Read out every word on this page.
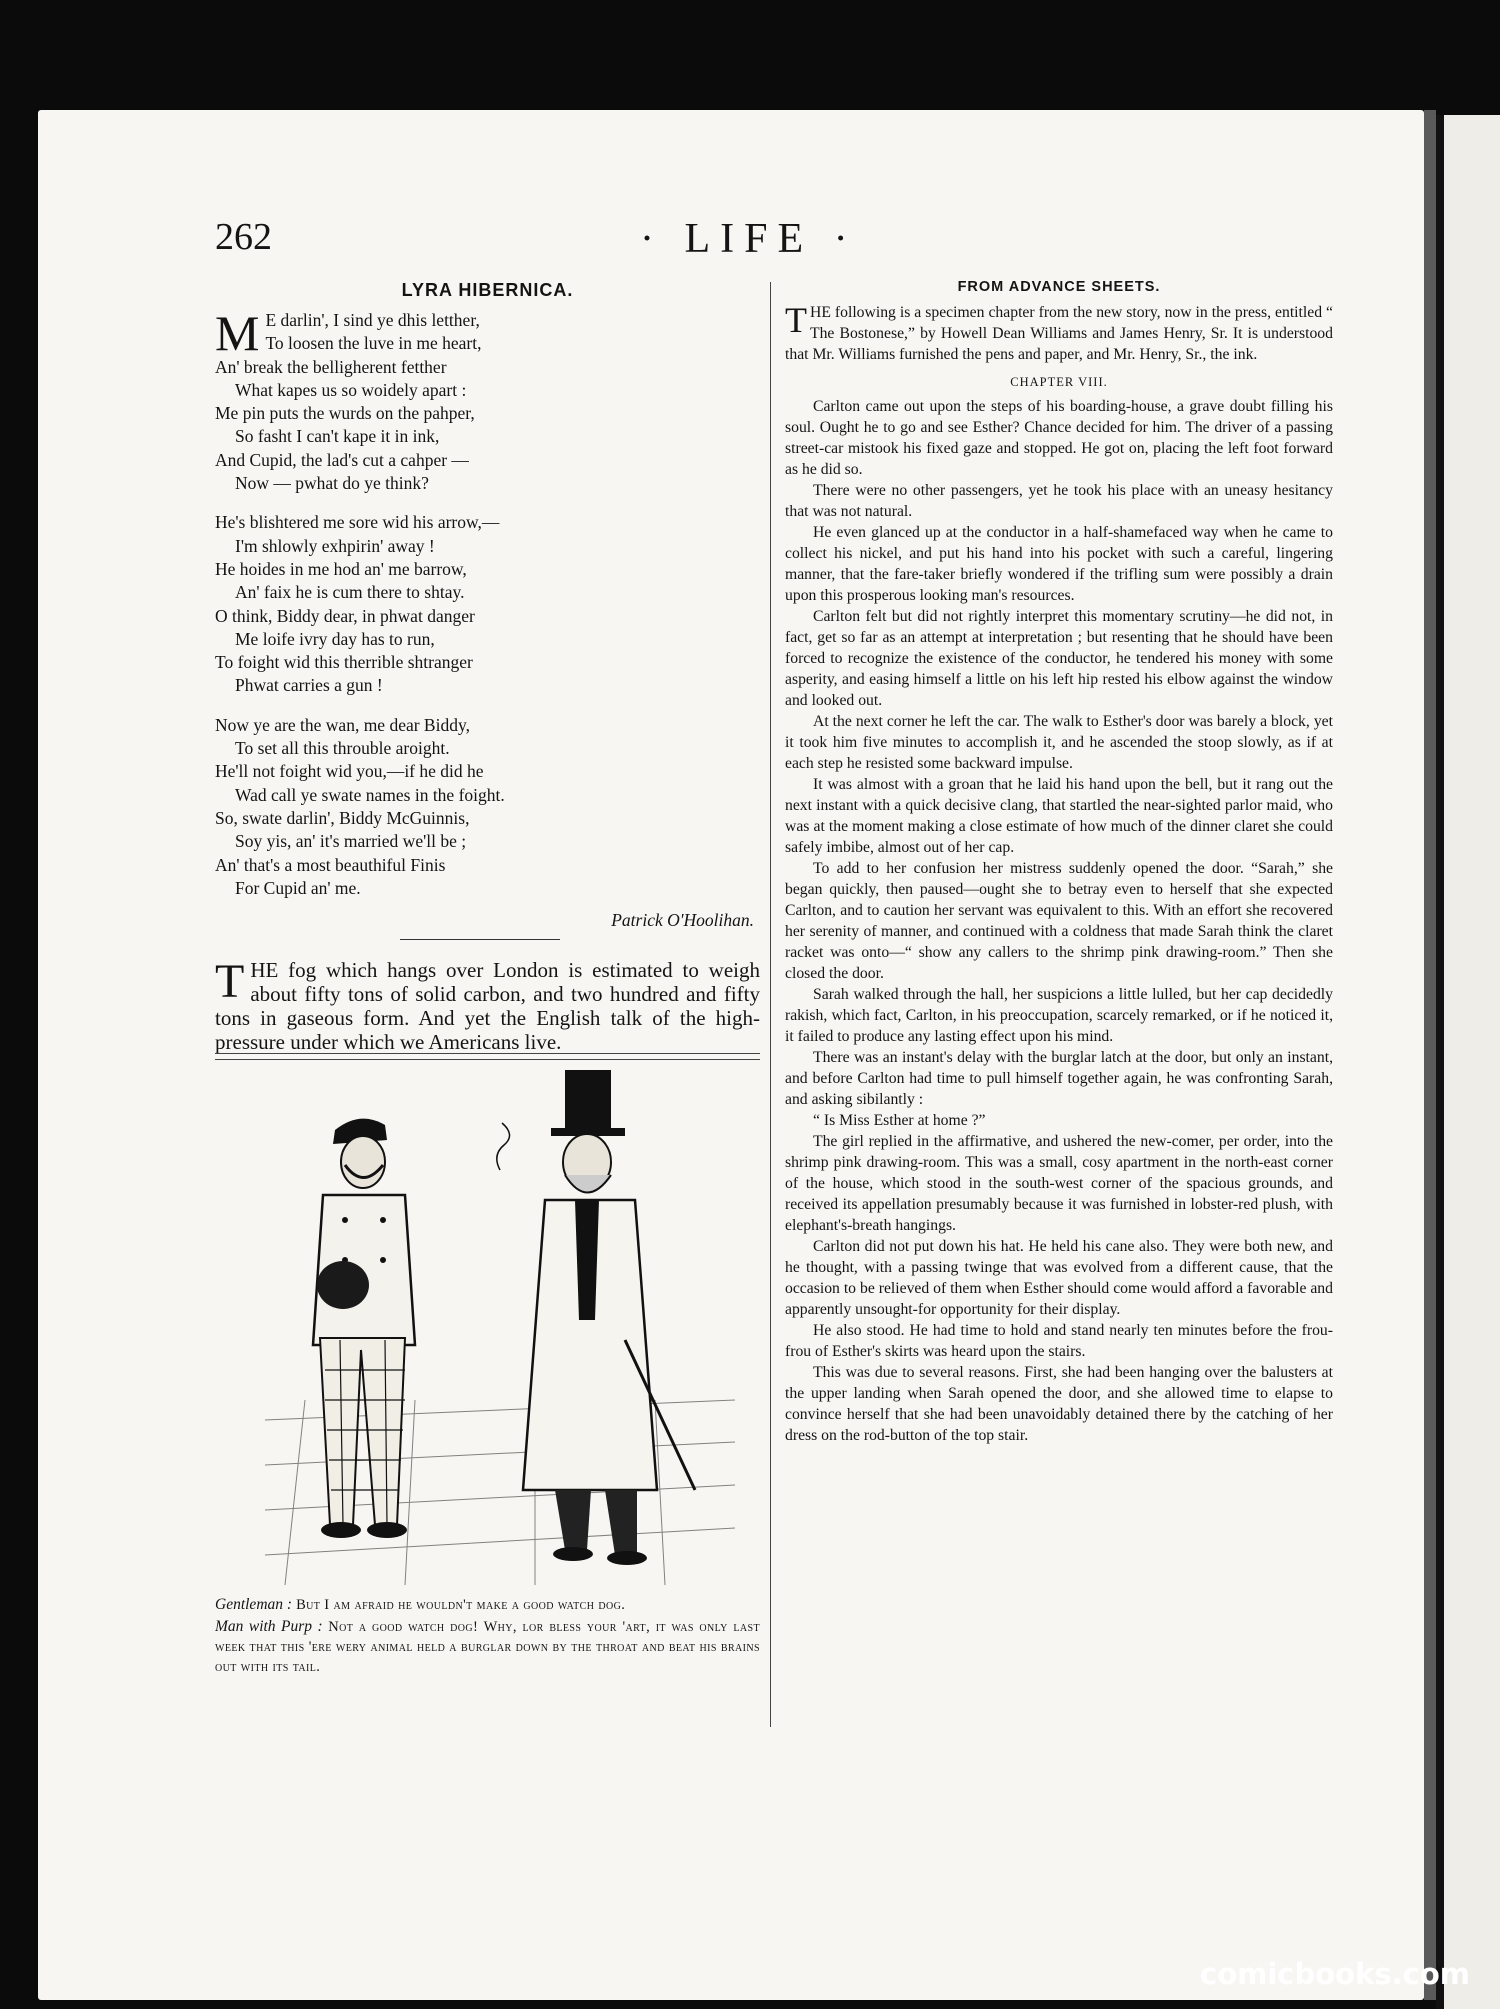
262	· LIFE ·
LYRA HIBERNICA.
M E darlin', I sind ye dhis letther,
To loosen the luve in me heart,
An' break the belligherent fetther
What kapes us so woidely apart :
Me pin puts the wurds on the pahper,
So fasht I can't kape it in ink,
And Cupid, the lad's cut a cahper —
Now — pwhat do ye think?
He's blishtered me sore wid his arrow,—
I'm shlowly exhpirin' away !
He hoides in me hod an' me barrow,
An' faix he is cum there to shtay.
O think, Biddy dear, in phwat danger
Me loife ivry day has to run,
To foight wid this therrible shtranger
Phwat carries a gun !
Now ye are the wan, me dear Biddy,
To set all this throuble aroight.
He'll not foight wid you,—if he did he
Wad call ye swate names in the foight.
So, swate darlin', Biddy McGuinnis,
Soy yis, an' it's married we'll be ;
An' that's a most beauthiful Finis
For Cupid an' me.
Patrick O'Hoolihan.

THE fog which hangs over London is estimated to weigh about fifty tons of solid carbon, and two hundred and fifty tons in gaseous form. And yet the English talk of the high-pressure under which we Americans live.

Gentleman : But I am afraid he wouldn't make a good watch dog.
Man with Purp : Not a good watch dog! Why, lor bless your 'art, it was only last week that this 'ere wery animal held a burglar down by the throat and beat his brains out with its tail.
FROM ADVANCE SHEETS.

THE following is a specimen chapter from the new story, now in the press, entitled “ The Bostonese,” by Howell Dean Williams and James Henry, Sr. It is understood that Mr. Williams furnished the pens and paper, and Mr. Henry, Sr., the ink.

CHAPTER VIII.

Carlton came out upon the steps of his boarding-house, a grave doubt filling his soul. Ought he to go and see Esther? Chance decided for him. The driver of a passing street-car mistook his fixed gaze and stopped. He got on, placing the left foot forward as he did so.

There were no other passengers, yet he took his place with an uneasy hesitancy that was not natural.

He even glanced up at the conductor in a half-shamefaced way when he came to collect his nickel, and put his hand into his pocket with such a careful, lingering manner, that the fare-taker briefly wondered if the trifling sum were possibly a drain upon this prosperous looking man's resources.

Carlton felt but did not rightly interpret this momentary scrutiny—he did not, in fact, get so far as an attempt at interpretation ; but resenting that he should have been forced to recognize the existence of the conductor, he tendered his money with some asperity, and easing himself a little on his left hip rested his elbow against the window and looked out.

At the next corner he left the car. The walk to Esther's door was barely a block, yet it took him five minutes to accomplish it, and he ascended the stoop slowly, as if at each step he resisted some backward impulse.

It was almost with a groan that he laid his hand upon the bell, but it rang out the next instant with a quick decisive clang, that startled the near-sighted parlor maid, who was at the moment making a close estimate of how much of the dinner claret she could safely imbibe, almost out of her cap.

To add to her confusion her mistress suddenly opened the door. “Sarah,” she began quickly, then paused—ought she to betray even to herself that she expected Carlton, and to caution her servant was equivalent to this. With an effort she recovered her serenity of manner, and continued with a coldness that made Sarah think the claret racket was onto—“ show any callers to the shrimp pink drawing-room.” Then she closed the door.

Sarah walked through the hall, her suspicions a little lulled, but her cap decidedly rakish, which fact, Carlton, in his preoccupation, scarcely remarked, or if he noticed it, it failed to produce any lasting effect upon his mind.

There was an instant's delay with the burglar latch at the door, but only an instant, and before Carlton had time to pull himself together again, he was confronting Sarah, and asking sibilantly :

“ Is Miss Esther at home ?”

The girl replied in the affirmative, and ushered the new-comer, per order, into the shrimp pink drawing-room. This was a small, cosy apartment in the north-east corner of the house, which stood in the south-west corner of the spacious grounds, and received its appellation presumably because it was furnished in lobster-red plush, with elephant's-breath hangings.

Carlton did not put down his hat. He held his cane also. They were both new, and he thought, with a passing twinge that was evolved from a different cause, that the occasion to be relieved of them when Esther should come would afford a favorable and apparently unsought-for opportunity for their display.

He also stood. He had time to hold and stand nearly ten minutes before the frou-frou of Esther's skirts was heard upon the stairs.

This was due to several reasons. First, she had been hanging over the balusters at the upper landing when Sarah opened the door, and she allowed time to elapse to convince herself that she had been unavoidably detained there by the catching of her dress on the rod-button of the top stair.

comicbooks.com
